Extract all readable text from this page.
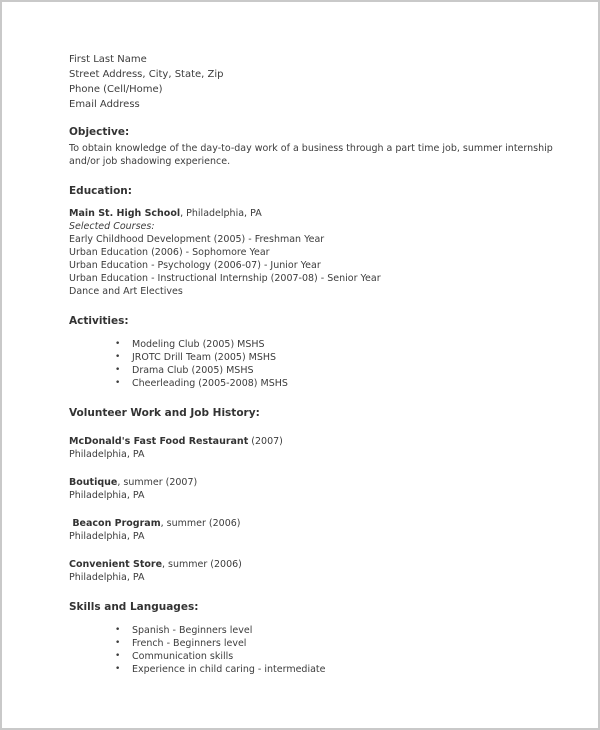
First Last Name
Street Address, City, State, Zip
Phone (Cell/Home)
Email Address
Objective:
To obtain knowledge of the day-to-day work of a business through a part time job, summer internship and/or job shadowing experience.
Education:
Main St. High School, Philadelphia, PA
Selected Courses:
Early Childhood Development (2005) - Freshman Year
Urban Education (2006) - Sophomore Year
Urban Education - Psychology (2006-07) - Junior Year
Urban Education - Instructional Internship (2007-08) - Senior Year
Dance and Art Electives
Activities:
•	Modeling Club (2005) MSHS
•	JROTC Drill Team (2005) MSHS
•	Drama Club (2005) MSHS
•	Cheerleading (2005-2008) MSHS
Volunteer Work and Job History:
McDonald's Fast Food Restaurant (2007)
Philadelphia, PA
Boutique, summer (2007)
Philadelphia, PA
Beacon Program, summer (2006)
Philadelphia, PA
Convenient Store, summer (2006)
Philadelphia, PA
Skills and Languages:
•	Spanish - Beginners level
•	French - Beginners level
•	Communication skills
•	Experience in child caring - intermediate
